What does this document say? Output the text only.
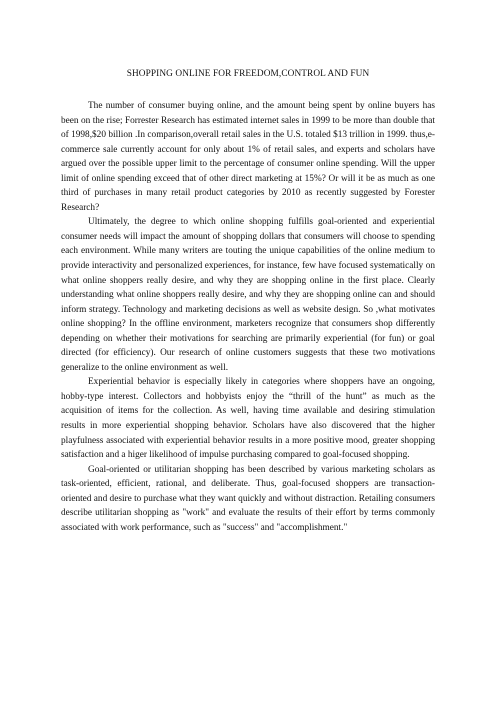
SHOPPING ONLINE FOR FREEDOM,CONTROL AND FUN

The number of consumer buying online, and the amount being spent by online buyers has been on the rise; Forrester Research has estimated internet sales in 1999 to be more than double that of 1998,$20 billion .In comparison,overall retail sales in the U.S. totaled $13 trillion in 1999. thus,e-commerce sale currently account for only about 1% of retail sales, and experts and scholars have argued over the possible upper limit to the percentage of consumer online spending. Will the upper limit of online spending exceed that of other direct marketing at 15%? Or will it be as much as one third of purchases in many retail product categories by 2010 as recently suggested by Forester Research?

Ultimately, the degree to which online shopping fulfills goal-oriented and experiential consumer needs will impact the amount of shopping dollars that consumers will choose to spending each environment. While many writers are touting the unique capabilities of the online medium to provide interactivity and personalized experiences, for instance, few have focused systematically on what online shoppers really desire, and why they are shopping online in the first place. Clearly understanding what online shoppers really desire, and why they are shopping online can and should inform strategy. Technology and marketing decisions as well as website design. So ,what motivates online shopping? In the offline environment, marketers recognize that consumers shop differently depending on whether their motivations for searching are primarily experiential (for fun) or goal directed (for efficiency). Our research of online customers suggests that these two motivations generalize to the online environment as well.

Experiential behavior is especially likely in categories where shoppers have an ongoing, hobby-type interest. Collectors and hobbyists enjoy the “thrill of the hunt” as much as the acquisition of items for the collection. As well, having time available and desiring stimulation results in more experiential shopping behavior. Scholars have also discovered that the higher playfulness associated with experiential behavior results in a more positive mood, greater shopping satisfaction and a higer likelihood of impulse purchasing compared to goal-focused shopping.

Goal-oriented or utilitarian shopping has been described by various marketing scholars as task-oriented, efficient, rational, and deliberate. Thus, goal-focused shoppers are transaction-oriented and desire to purchase what they want quickly and without distraction. Retailing consumers describe utilitarian shopping as "work" and evaluate the results of their effort by terms commonly associated with work performance, such as "success" and "accomplishment."
